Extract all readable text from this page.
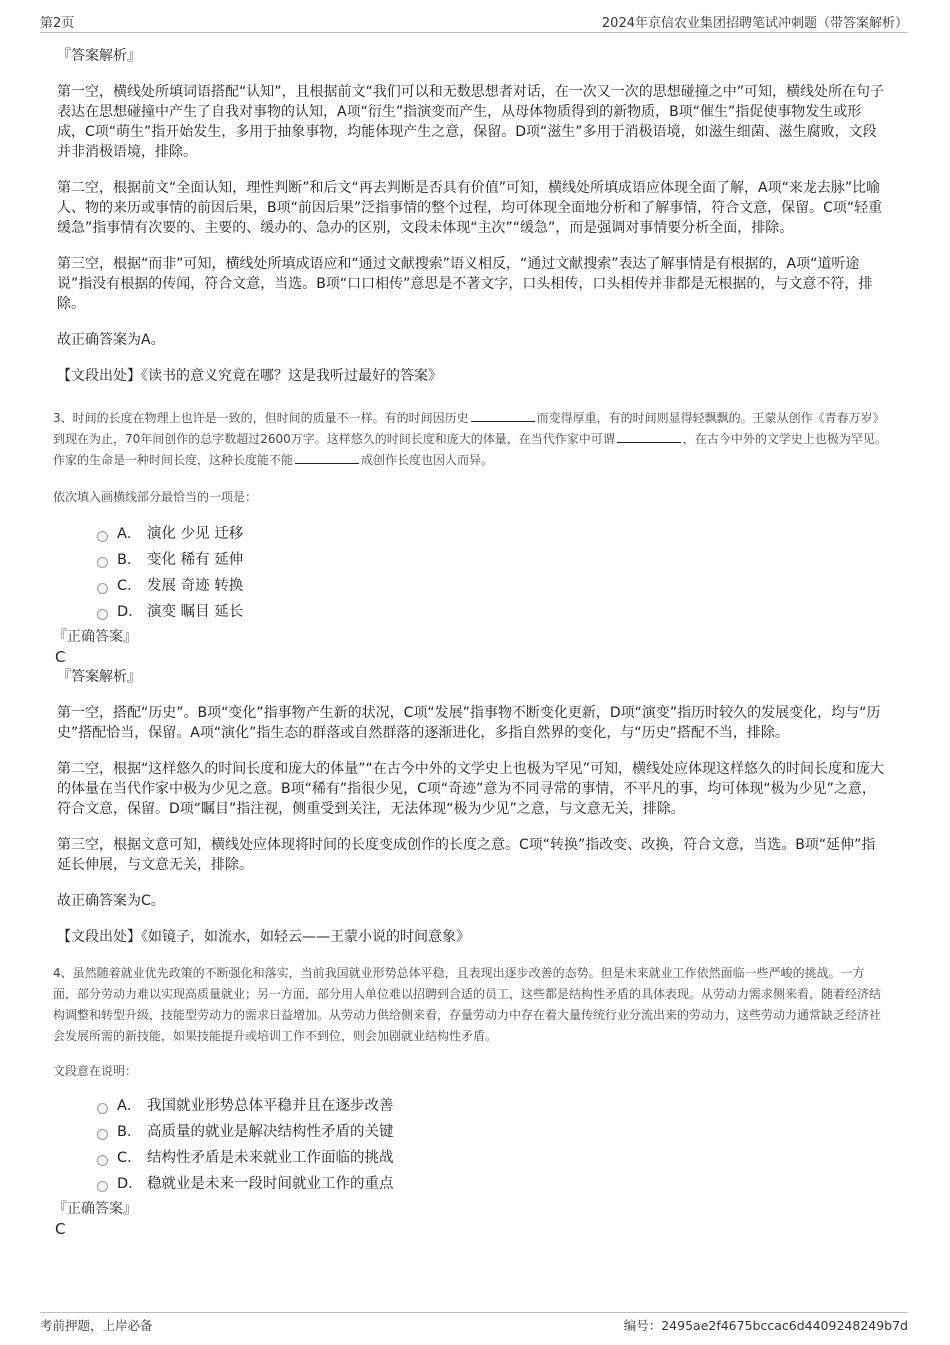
第2页	2024年京信农业集团招聘笔试冲刺题（带答案解析）
『答案解析』

第一空，横线处所填词语搭配“认知”，且根据前文“我们可以和无数思想者对话，在一次又一次的思想碰撞之中”可知，横线处所在句子表达在思想碰撞中产生了自我对事物的认知，A项“衍生”指演变而产生，从母体物质得到的新物质，B项“催生”指促使事物发生或形成，C项“萌生”指开始发生，多用于抽象事物，均能体现产生之意，保留。D项“滋生”多用于消极语境，如滋生细菌、滋生腐败，文段并非消极语境，排除。

第二空，根据前文“全面认知，理性判断”和后文“再去判断是否具有价值”可知，横线处所填成语应体现全面了解，A项“来龙去脉”比喻人、物的来历或事情的前因后果，B项“前因后果”泛指事情的整个过程，均可体现全面地分析和了解事情，符合文意，保留。C项“轻重缓急”指事情有次要的、主要的、缓办的、急办的区别，文段未体现“主次”“缓急”，而是强调对事情要分析全面，排除。

第三空，根据“而非”可知，横线处所填成语应和“通过文献搜索”语义相反，“通过文献搜索”表达了解事情是有根据的，A项“道听途说”指没有根据的传闻，符合文意，当选。B项“口口相传”意思是不著文字，口头相传，口头相传并非都是无根据的，与文意不符，排除。

故正确答案为A。

【文段出处】《读书的意义究竟在哪？这是我听过最好的答案》

3、时间的长度在物理上也许是一致的，但时间的质量不一样。有的时间因历史	而变得厚重，有的时间则显得轻飘飘的。王蒙从创作《青春万岁》到现在为止，70年间创作的总字数超过2600万字。这样悠久的时间长度和庞大的体量，在当代作家中可谓	，在古今中外的文学史上也极为罕见。作家的生命是一种时间长度，这种长度能不能	成创作长度也因人而异。
依次填入画横线部分最恰当的一项是：
A． 演化 少见 迁移
B． 变化 稀有 延伸
C． 发展 奇迹 转换
D． 演变 瞩目 延长
『正确答案』
C
『答案解析』

第一空，搭配“历史”。B项“变化”指事物产生新的状况，C项“发展”指事物不断变化更新，D项“演变”指历时较久的发展变化，均与“历史”搭配恰当，保留。A项“演化”指生态的群落或自然群落的逐渐进化，多指自然界的变化，与“历史”搭配不当，排除。

第二空，根据“这样悠久的时间长度和庞大的体量”“在古今中外的文学史上也极为罕见”可知，横线处应体现这样悠久的时间长度和庞大的体量在当代作家中极为少见之意。B项“稀有”指很少见，C项“奇迹”意为不同寻常的事情，不平凡的事，均可体现“极为少见”之意，符合文意，保留。D项“瞩目”指注视，侧重受到关注，无法体现“极为少见”之意，与文意无关，排除。

第三空，根据文意可知，横线处应体现将时间的长度变成创作的长度之意。C项“转换”指改变、改换，符合文意，当选。B项“延伸”指延长伸展，与文意无关，排除。

故正确答案为C。

【文段出处】《如镜子，如流水，如轻云——王蒙小说的时间意象》

4、虽然随着就业优先政策的不断强化和落实，当前我国就业形势总体平稳，且表现出逐步改善的态势。但是未来就业工作依然面临一些严峻的挑战。一方面，部分劳动力难以实现高质量就业；另一方面，部分用人单位难以招聘到合适的员工，这些都是结构性矛盾的具体表现。从劳动力需求侧来看，随着经济结构调整和转型升级，技能型劳动力的需求日益增加。从劳动力供给侧来看，存量劳动力中存在着大量传统行业分流出来的劳动力，这些劳动力通常缺乏经济社会发展所需的新技能，如果技能提升或培训工作不到位，则会加剧就业结构性矛盾。
文段意在说明：
A． 我国就业形势总体平稳并且在逐步改善
B． 高质量的就业是解决结构性矛盾的关键
C． 结构性矛盾是未来就业工作面临的挑战
D． 稳就业是未来一段时间就业工作的重点
『正确答案』
C
考前押题，上岸必备	编号：2495ae2f4675bccac6d4409248249b7d
